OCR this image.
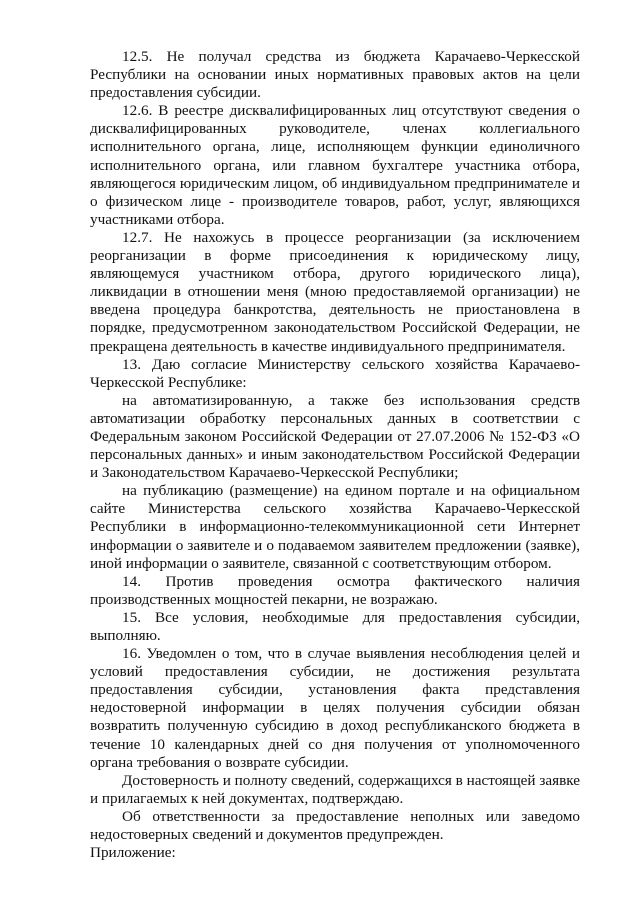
12.5. Не получал средства из бюджета Карачаево-Черкесской Республики на основании иных нормативных правовых актов на цели предоставления субсидии.

12.6. В реестре дисквалифицированных лиц отсутствуют сведения о дисквалифицированных руководителе, членах коллегиального исполнительного органа, лице, исполняющем функции единоличного исполнительного органа, или главном бухгалтере участника отбора, являющегося юридическим лицом, об индивидуальном предпринимателе и о физическом лице - производителе товаров, работ, услуг, являющихся участниками отбора.

12.7. Не нахожусь в процессе реорганизации (за исключением реорганизации в форме присоединения к юридическому лицу, являющемуся участником отбора, другого юридического лица), ликвидации в отношении меня (мною предоставляемой организации) не введена процедура банкротства, деятельность не приостановлена в порядке, предусмотренном законодательством Российской Федерации, не прекращена деятельность в качестве индивидуального предпринимателя.

13. Даю согласие Министерству сельского хозяйства Карачаево-Черкесской Республике:

на автоматизированную, а также без использования средств автоматизации обработку персональных данных в соответствии с Федеральным законом Российской Федерации от 27.07.2006 № 152-ФЗ «О персональных данных» и иным законодательством Российской Федерации и Законодательством Карачаево-Черкесской Республики;

на публикацию (размещение) на едином портале и на официальном сайте Министерства сельского хозяйства Карачаево-Черкесской Республики в информационно-телекоммуникационной сети Интернет информации о заявителе и о подаваемом заявителем предложении (заявке), иной информации о заявителе, связанной с соответствующим отбором.

14. Против проведения осмотра фактического наличия производственных мощностей пекарни, не возражаю.

15. Все условия, необходимые для предоставления субсидии, выполняю.

16. Уведомлен о том, что в случае выявления несоблюдения целей и условий предоставления субсидии, не достижения результата предоставления субсидии, установления факта представления недостоверной информации в целях получения субсидии обязан возвратить полученную субсидию в доход республиканского бюджета в течение 10 календарных дней со дня получения от уполномоченного органа требования о возврате субсидии.

Достоверность и полноту сведений, содержащихся в настоящей заявке и прилагаемых к ней документах, подтверждаю.

Об ответственности за предоставление неполных или заведомо недостоверных сведений и документов предупрежден.

Приложение:
